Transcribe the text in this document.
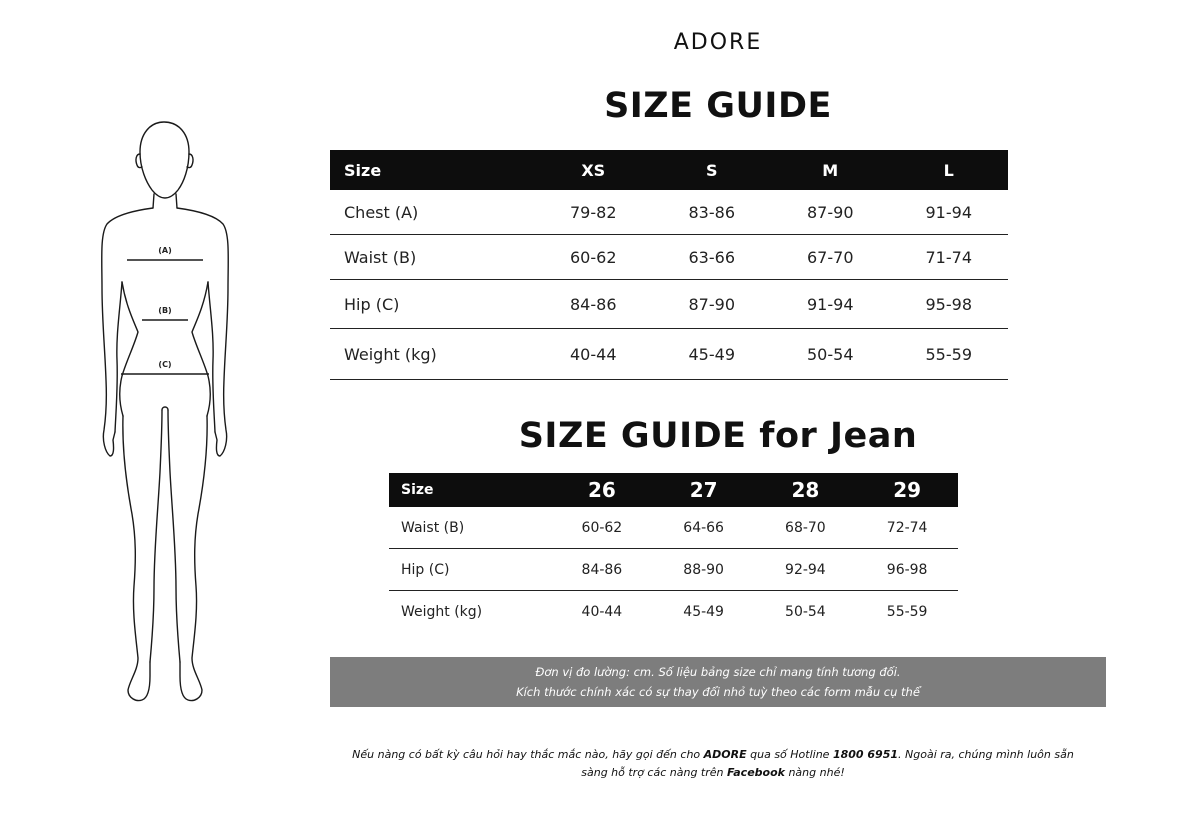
(A)
(B)
(C)
ADORE
SIZE GUIDE
Size	XS	S	M	L
Chest (A)	79-82	83-86	87-90	91-94
Waist (B)	60-62	63-66	67-70	71-74
Hip (C)	84-86	87-90	91-94	95-98
Weight (kg)	40-44	45-49	50-54	55-59
SIZE GUIDE for Jean
Size	26	27	28	29
Waist (B)	60-62	64-66	68-70	72-74
Hip (C)	84-86	88-90	92-94	96-98
Weight (kg)	40-44	45-49	50-54	55-59
Đơn vị đo lường: cm. Số liệu bảng size chỉ mang tính tương đối.
Kích thước chính xác có sự thay đổi nhỏ tuỳ theo các form mẫu cụ thể
Nếu nàng có bất kỳ câu hỏi hay thắc mắc nào, hãy gọi đến cho ADORE qua số Hotline 1800 6951. Ngoài ra, chúng mình luôn sẵn sàng hỗ trợ các nàng trên Facebook nàng nhé!
